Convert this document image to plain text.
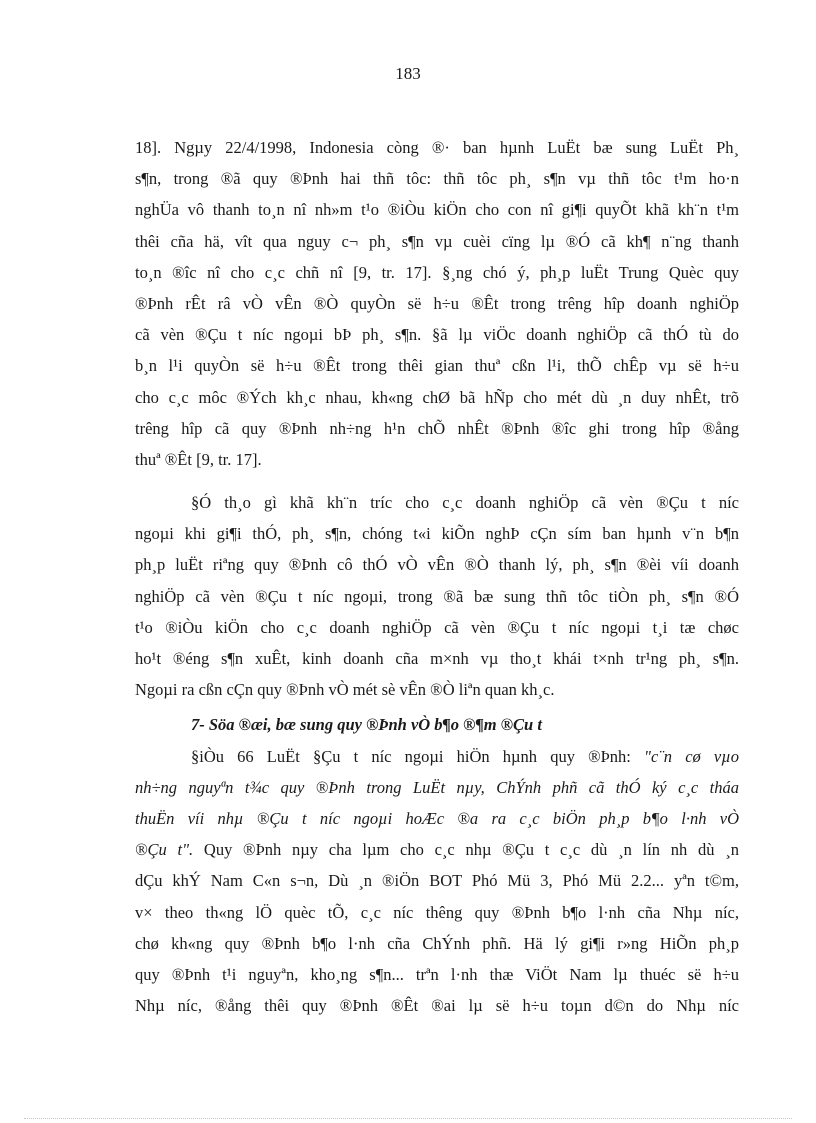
183
18]. Ngµy 22/4/1998, Indonesia còng ®· ban hµnh LuËt bæ sung LuËt Ph¸
s¶n, trong ®ã quy ®Þnh hai thñ tôc: thñ tôc ph¸ s¶n vµ thñ tôc t¹m ho·n
nghÜa vô thanh to¸n nî nh»m t¹o ®iÒu kiÖn cho con nî gi¶i quyÕt khã kh¨n t¹m
thêi cña hä, vît qua nguy c¬ ph¸ s¶n vµ cuèi cïng lµ ®Ó cã kh¶ n¨ng thanh
to¸n ®îc nî cho c¸c chñ nî [9, tr. 17]. §¸ng chó ý, ph¸p luËt Trung Quèc quy
®Þnh rÊt râ vÒ vÊn ®Ò quyÒn së h÷u ®Êt trong trêng hîp doanh nghiÖp
cã vèn ®Çu t níc ngoµi bÞ ph¸ s¶n. §ã lµ viÖc doanh nghiÖp cã thÓ tù do
b¸n l¹i quyÒn së h÷u ®Êt trong thêi gian thuª cßn l¹i, thÕ chÊp vµ së h÷u
cho c¸c môc ®Ých kh¸c nhau, kh«ng chØ bã hÑp cho mét dù ¸n duy nhÊt, trõ
trêng hîp cã quy ®Þnh nh÷ng h¹n chÕ nhÊt ®Þnh ®îc ghi trong hîp ®ång
thuª ®Êt [9, tr. 17].
§Ó th¸o gì khã kh¨n tríc cho c¸c doanh nghiÖp cã vèn ®Çu t níc
ngoµi khi gi¶i thÓ, ph¸ s¶n, chóng t«i kiÕn nghÞ cÇn sím ban hµnh v¨n b¶n
ph¸p luËt riªng quy ®Þnh cô thÓ vÒ vÊn ®Ò thanh lý, ph¸ s¶n ®èi víi doanh
nghiÖp cã vèn ®Çu t níc ngoµi, trong ®ã bæ sung thñ tôc tiÒn ph¸ s¶n ®Ó
t¹o ®iÒu kiÖn cho c¸c doanh nghiÖp cã vèn ®Çu t níc ngoµi t¸i tæ chøc
ho¹t ®éng s¶n xuÊt, kinh doanh cña m×nh vµ tho¸t khái t×nh tr¹ng ph¸ s¶n.
Ngoµi ra cßn cÇn quy ®Þnh vÒ mét sè vÊn ®Ò liªn quan kh¸c.
7- Söa ®æi, bæ sung quy ®Þnh vÒ b¶o ®¶m ®Çu t
§iÒu 66 LuËt §Çu t níc ngoµi hiÖn hµnh quy ®Þnh: "c¨n cø vµo
nh÷ng nguyªn t¾c quy ®Þnh trong LuËt nµy, ChÝnh phñ cã thÓ ký c¸c tháa
thuËn víi nhµ ®Çu t níc ngoµi hoÆc ®a ra c¸c biÖn ph¸p b¶o l·nh vÒ
®Çu t". Quy ®Þnh nµy cha lµm cho c¸c nhµ ®Çu t c¸c dù ¸n lín nh dù ¸n
dÇu khÝ Nam C«n s¬n, Dù ¸n ®iÖn BOT Phó Mü 3, Phó Mü 2.2... yªn t©m,
v× theo th«ng lÖ quèc tÕ, c¸c níc thêng quy ®Þnh b¶o l·nh cña Nhµ níc,
chø kh«ng quy ®Þnh b¶o l·nh cña ChÝnh phñ. Hä lý gi¶i r»ng HiÕn ph¸p
quy ®Þnh t¹i nguyªn, kho¸ng s¶n... trªn l·nh thæ ViÖt Nam lµ thuéc së h÷u
Nhµ níc, ®ång thêi quy ®Þnh ®Êt ®ai lµ së h÷u toµn d©n do Nhµ níc
